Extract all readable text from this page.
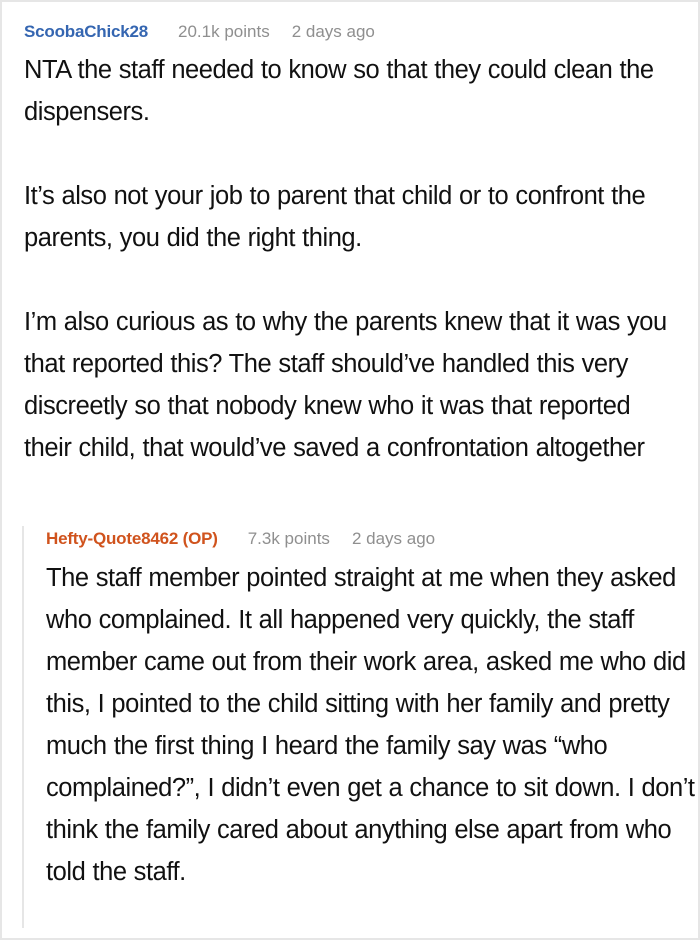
ScoobaChick28 20.1k points 2 days ago

NTA the staff needed to know so that they could clean the dispensers.

It’s also not your job to parent that child or to confront the parents, you did the right thing.

I’m also curious as to why the parents knew that it was you that reported this? The staff should’ve handled this very discreetly so that nobody knew who it was that reported their child, that would’ve saved a confrontation altogether

Hefty-Quote8462 (OP) 7.3k points 2 days ago

The staff member pointed straight at me when they asked who complained. It all happened very quickly, the staff member came out from their work area, asked me who did this, I pointed to the child sitting with her family and pretty much the first thing I heard the family say was “who complained?”, I didn’t even get a chance to sit down. I don’t think the family cared about anything else apart from who told the staff.
